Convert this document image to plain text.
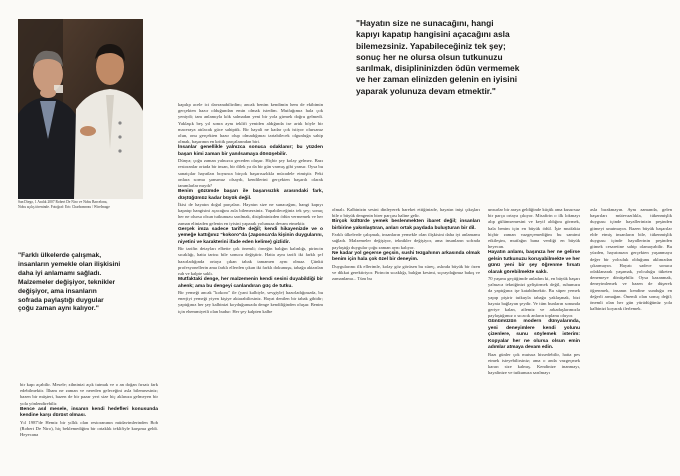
San Diego, 1 Aralık 2007 Robert De Niro ve Nobu Barcelona,
Nobu açılış töreninde. Fotoğraf: Eric Charbonneau / WireImage
"Hayatın size ne sunacağını, hangi
kapıyı kapatıp hangisini açacağını asla
bilemezsiniz. Yapabileceğiniz tek şey;
sonuç her ne olursa olsun tutkunuzu
sarılmak, disiplininizden ödün vermemek
ve her zaman elinizden gelenin en iyisini
yaparak yolunuza devam etmektir."
"Farklı ülkelerde çalışmak,
insanların yemekle olan ilişkisini
daha iyi anlamamı sağladı.
Malzemeler değişiyor, teknikler
değişiyor, ama insanların
sofrada paylaştığı duygular
çoğu zaman aynı kalıyor."

bir kapı açabilir. Mesele; zihninizi açık tutmak ve o an doğan fırsatı fark edebilmektir. İlham ne zaman ve nereden geleceğini asla bilemezsiniz; bazen bir müşteri, bazen de bir pazar yeri size hiç aklınıza gelmeyen bir yola yönlendirebilir.

Bence asıl mesele, insanın kendi hedefleri konusunda kendine karşı dürüst olması.

Yıl 1987'de Hemiz bir yıllık olan restoranının müdavimlerinden Bob (Robert De Niro), hiç beklemediğim bir ortaklık teklifiyle karşıma geldi. Heyecana

kapılıp acele ici davranabilirdim; ancak benim kendimin hem de ekibimin gerçekten hazır olduğundan emin olmak istedim. Mutfağımız hala çok yeniydi; tam anlamıyla kök salmadan yeni bir yola girmek doğru gelmedi. Yaklaşık beş yıl sonra aynı teklifi yeniden aldığında ise artık böyle bir maceraya atılacak güce sahiptik. Bir hayali ne kadar çok istiyor olursanız olun, onu gerçekten hazır olup olmadığınızı tartabilecek olgunluğa sahip olmak, başarının en kritik parçalarından biri.

İnsanlar genellikle yalnızca sonuca odaklanır; bu yüzden başarı kimi zaman bir yanılsamaya dönüşebilir.

Dünya; çoğu zaman yalnızca geceden oluşur. Hiçbir şey kolay gelmez. Bazı restoranlar ortada bir insan, bir dilek ya da bir gün varmış gibi yansır. Oysa bu sanatçılar hayatları boyunca birçok başarısızlıkla mücadele etmiştir. Peki onlara sorma şansımız olsaydı, kendilerini gerçekten başarılı olarak tanımlarlar mıydı?

Benim gözümde başarı ile başarısızlık arasındaki fark, düştüğümüz kadar büyük değil.

İkisi de hayatın doğal parçaları. Hayatın size ne sunacağını, hangi kapıyı kapatıp hangisini açacağını asla bilemezsiniz. Yapabileceğiniz tek şey; sonuç her ne olursa olsun tutkunuzu sarılmak, disiplininizden ödün vermemek ve her zaman elinizden gelenin en iyisini yaparak yolunuza devam etmektir.

Gerçek imza sadece tarifte değil; kendi hikayenizde ve o yemeğe kattığınız "kokoro"da (Japonca'da kişinin duygularını, niyetini ve karakterini ifade eden kelime) gizlidir.

Bir tarifin detayları elbette çok önemli; örneğin balığın kalınlığı, pirincin sıcaklığı, hatta tartısı bile sonucu değiştirir. Hatta aynı tarifi iki farklı şef hazırladığında ortaya çıkan tabak tamamen aynı olmaz. Çünkü profesyonellerin ama farklı ellerden çıkan iki farklı dokunuşu, tabağa aktarılan ruh ve kalpte saklı.

Mutfaktaki denge, her malzemenin kendi sesini duyabildiği bir ahenk; ama bu dengeyi canlandıran güç de tutku.

Bir yemeği ancak "kokoro" ile (yani kalbiyle, sevgiyle) hazırladığınızda, bu enerjiyi yemeği yiyen kişiye aktarabilirsiniz. Hayat denilen bir tabak gibidir; yaptığınız her şey kalbinizi koyduğunuzda denge kendiliğinden oluşur. Benim için ehemmiyetli olan budur: Her şey kalpten kalbe

olmalı. Kalbinizin sesini dinleyerek hareket ettiğinizde, hayatın inişi çıkışları bile o büyük dengenin birer parçası haline gelir.

Birçok kültürde yemek beslenmekten ibaret değil; insanları birbirine yakınlaştıran, anları ortak paydada buluşturan bir dil.

Farklı ülkelerde çalışmak, insanların yemekle olan ilişkisini daha iyi anlamamı sağladı. Malzemeler değişiyor, teknikler değişiyor, ama insanların sofrada paylaştığı duygular çoğu zaman aynı kalıyor.

Ne kadar yol geçerse geçsin, sushi tezgahının arkasında olmak benim için hala çok özel bir deneyim.

Duygularımı ilk ellerimle, kolay göz görüsen bu süreç, aslında büyük bir özen ve dikkat gerektiriyor. Pirincin sıcaklığı, balığın kesimi, sıçraydağımız bakış ve zamanlama... Tüm bu

unsurlar bir araya geldiğinde küçük ama kusursuz bir parça ortaya çıkıyor. Misafirin o ilk lokmayı alıp gülümsemesini ve keyif aldığını görmek, hala benim için en büyük ödül. İşte mutfakta hiçbir zaman vazgeçemediğim bu samimi etkileşim, mutfağın bana verdiği en büyük heyecan.

Hayatın anlamı, başınıza her ne gelirse gelsin tutkunuzu koruyabilmekte ve her günü yeni bir şey öğrenme fırsatı olarak görebilmekte saklı.

70 yaşımı geçtiğimde anladım ki, en büyük başarı yalnızca tekniğinizi geliştirmek değil, ruhunuzu da yaptığınız işe katabilmektir. Bu süper yemek yapıp pişirir tutkuyla tabağa yaklaşmak, bizi hayata bağlayan şeydir. Ve tüm bunların sonunda geriye kalan, ailemiz ve arkadaşlarımızla paylaştığımız o sıcacık anların toplamı oluyor.

Günümüzün modern dünyalarında, yeni deneyimlere kendi yolunu çizenlere, sunu söylemek isterim: Kopyalar her ne olursa olsun emin adımlar atmaya devam edin.

Bazı günler çok mutsuz hissedebilir, hatta pes etmek isteyebilirsiniz; ama o anda vazgeçmek kararı size kalmış. Kendinize inanmayı, hayalinize ve tutkunuza sarılmayı

asla bırakmayın. Aynı zamanda, gelen başarıları mütevazılıkla, tükenmişlik duygusu içinde hayallerinizin peşinden gitmeyi unutmayın. Bazen büyük başarılar elde etmiş insanların bile, tükenmişlik duygusu içinde hayallerinin peşinden gitmek cesaretine sahip olamayabilir. Bu yüzden, hayatınızın gerçekten yaşanmaya değer bir yolculuk olduğunu aklınızdan çıkarmayın. Hayatı sadece sonuca odaklanarak yaşamak, yolculuğu tüketen denemeye dönüşebilir. Oysa kazanmak, deneyimlemek ve bazen de düşerek öğrenmek, insanın kendine sunduğu en değerli armağan. Önemli olan sonuç değil; önemli olan her gün yürüdüğünüz yola kalbinizi koyarak ilerlemek.
